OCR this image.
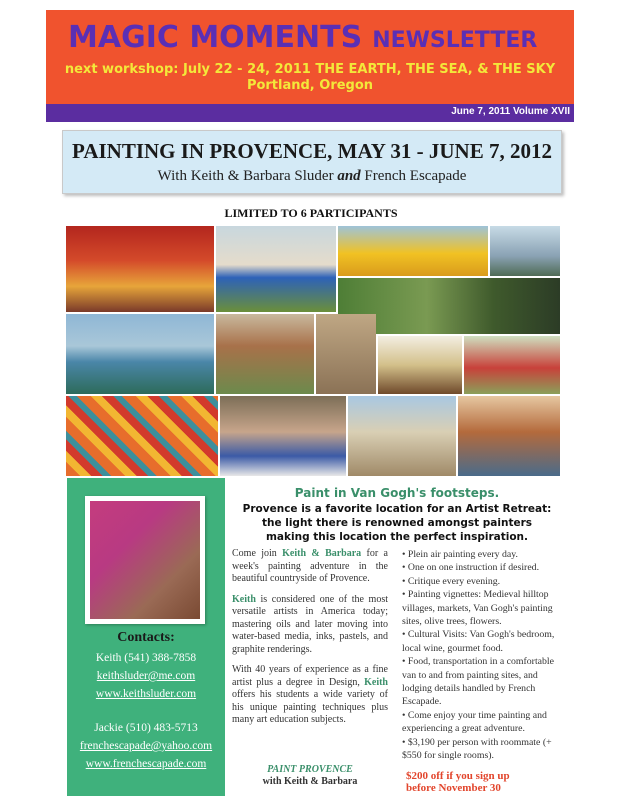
MAGIC MOMENTS NEWSLETTER
next workshop: July 22 - 24, 2011 THE EARTH, THE SEA, & THE SKY
Portland, Oregon
June 7, 2011 Volume XVII
PAINTING IN PROVENCE, MAY 31 - JUNE 7, 2012
With Keith & Barbara Sluder and French Escapade
LIMITED TO 6 PARTICIPANTS
Contacts:
Keith (541) 388-7858
keithsluder@me.com
www.keithsluder.com
Jackie (510) 483-5713
frenchescapade@yahoo.com
www.frenchescapade.com
Paint in Van Gogh's footsteps.
Provence is a favorite location for an Artist Retreat:
the light there is renowned amongst painters
making this location the perfect inspiration.

Come join Keith & Barbara for a week's painting adventure in the beautiful countryside of Provence.

Keith is considered one of the most versatile artists in America today; mastering oils and later moving into water-based media, inks, pastels, and graphite renderings.

With 40 years of experience as a fine artist plus a degree in Design, Keith offers his students a wide variety of his unique painting techniques plus many art education subjects.

PAINT PROVENCE
with Keith & Barbara
• Plein air painting every day.
• One on one instruction if desired.
• Critique every evening.
• Painting vignettes: Medieval hilltop villages, markets, Van Gogh's painting sites, olive trees, flowers.
• Cultural Visits: Van Gogh's bedroom, local wine, gourmet food.
• Food, transportation in a comfortable van to and from painting sites, and lodging details handled by French Escapade.
• Come enjoy your time painting and experiencing a great adventure.
• $3,190 per person with roommate (+ $550 for single rooms).
$200 off if you sign up
before November 30
